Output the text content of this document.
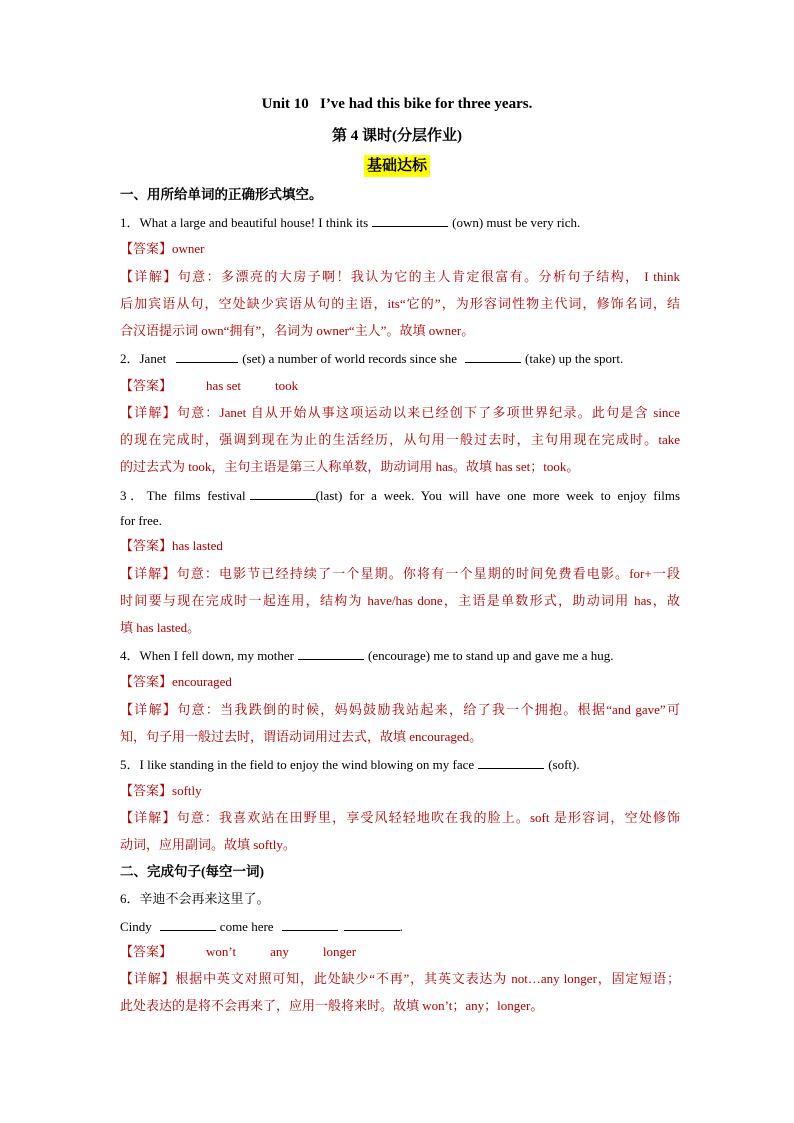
Unit 10   I’ve had this bike for three years.
第 4 课时(分层作业)
基础达标
一、用所给单词的正确形式填空。
1．What a large and beautiful house! I think its	(own) must be very rich.
【答案】owner
【详解】句意：多漂亮的大房子啊！我认为它的主人肯定很富有。分析句子结构， I think
后加宾语从句，空处缺少宾语从句的主语，its“它的”，为形容词性物主代词，修饰名词，结
合汉语提示词 own“拥有”，名词为 owner“主人”。故填 owner。
2．Janet	(set) a number of world records since she	(take) up the sport.
【答案】	has set	took
【详解】句意：Janet 自从开始从事这项运动以来已经创下了多项世界纪录。此句是含 since
的现在完成时，强调到现在为止的生活经历，从句用一般过去时，主句用现在完成时。take
的过去式为 took，主句主语是第三人称单数，助动词用 has。故填 has set；took。
3．The films festival	(last) for a week. You will have one more week to enjoy films
for free.
【答案】has lasted
【详解】句意：电影节已经持续了一个星期。你将有一个星期的时间免费看电影。for+一段
时间要与现在完成时一起连用，结构为 have/has done，主语是单数形式，助动词用 has，故
填 has lasted。
4．When I fell down, my mother	(encourage) me to stand up and gave me a hug.
【答案】encouraged
【详解】句意：当我跌倒的时候，妈妈鼓励我站起来，给了我一个拥抱。根据“and gave”可
知，句子用一般过去时，谓语动词用过去式，故填 encouraged。
5．I like standing in the field to enjoy the wind blowing on my face	(soft).
【答案】softly
【详解】句意：我喜欢站在田野里，享受风轻轻地吹在我的脸上。soft 是形容词，空处修饰
动词，应用副词。故填 softly。
二、完成句子(每空一词)
6．辛迪不会再来这里了。
Cindy	come here	.
【答案】	won’t	any	longer
【详解】根据中英文对照可知，此处缺少“不再”，其英文表达为 not…any longer，固定短语；
此处表达的是将不会再来了，应用一般将来时。故填 won’t；any；longer。
